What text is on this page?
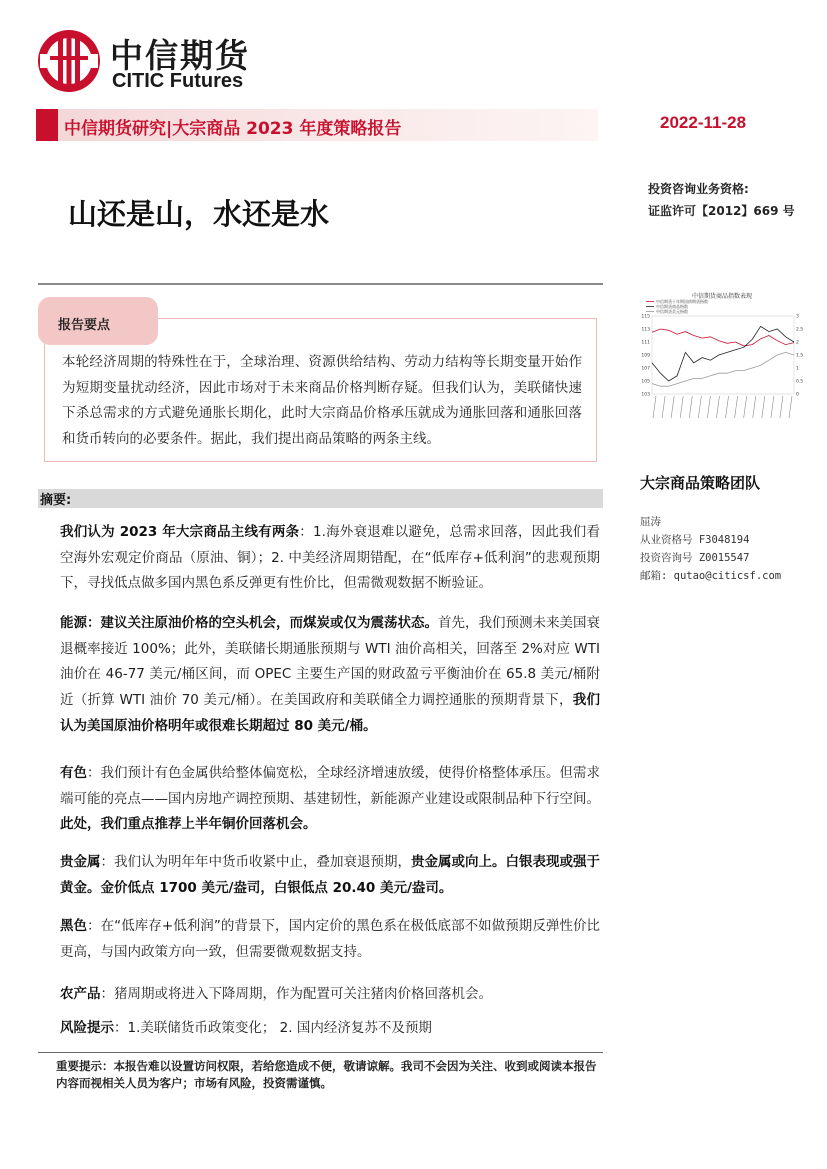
中信期货
CITIC Futures
中信期货研究|大宗商品 2023 年度策略报告	2022-11-28
山还是山，水还是水
投资咨询业务资格:
证监许可【2012】669 号
报告要点
本轮经济周期的特殊性在于，全球治理、资源供给结构、劳动力结构等长期变量开始作为短期变量扰动经济，因此市场对于未来商品价格判断存疑。但我们认为，美联储快速下杀总需求的方式避免通胀长期化，此时大宗商品价格承压就成为通胀回落和通胀回落和货币转向的必要条件。据此，我们提出商品策略的两条主线。
中信期货商品指数表现
中信期货十年期国债期货指数
中信期货商品指数
中信期货美元指数
115
113
111
109
107
105
103
3
2.5
2
1.5
1
0.5
0
大宗商品策略团队
屈涛
从业资格号 F3048194
投资咨询号 Z0015547
邮箱: qutao@citicsf.com
摘要:
我们认为 2023 年大宗商品主线有两条：1.海外衰退难以避免，总需求回落，因此我们看空海外宏观定价商品（原油、铜）；2. 中美经济周期错配，在“低库存+低利润”的悲观预期下，寻找低点做多国内黑色系反弹更有性价比，但需微观数据不断验证。
能源：建议关注原油价格的空头机会，而煤炭或仅为震荡状态。首先，我们预测未来美国衰退概率接近 100%；此外，美联储长期通胀预期与 WTI 油价高相关，回落至 2%对应 WTI 油价在 46-77 美元/桶区间，而 OPEC 主要生产国的财政盈亏平衡油价在 65.8 美元/桶附近（折算 WTI 油价 70 美元/桶）。在美国政府和美联储全力调控通胀的预期背景下，我们认为美国原油价格明年或很难长期超过 80 美元/桶。
有色：我们预计有色金属供给整体偏宽松，全球经济增速放缓，使得价格整体承压。但需求端可能的亮点——国内房地产调控预期、基建韧性，新能源产业建设或限制品种下行空间。此处，我们重点推荐上半年铜价回落机会。
贵金属：我们认为明年年中货币收紧中止，叠加衰退预期，贵金属或向上。白银表现或强于黄金。金价低点 1700 美元/盎司，白银低点 20.40 美元/盎司。
黑色：在“低库存+低利润”的背景下，国内定价的黑色系在极低底部不如做预期反弹性价比更高，与国内政策方向一致，但需要微观数据支持。
农产品：猪周期或将进入下降周期，作为配置可关注猪肉价格回落机会。
风险提示：1.美联储货币政策变化； 2. 国内经济复苏不及预期
重要提示：本报告难以设置访问权限，若给您造成不便，敬请谅解。我司不会因为关注、收到或阅读本报告内容而视相关人员为客户；市场有风险，投资需谨慎。
